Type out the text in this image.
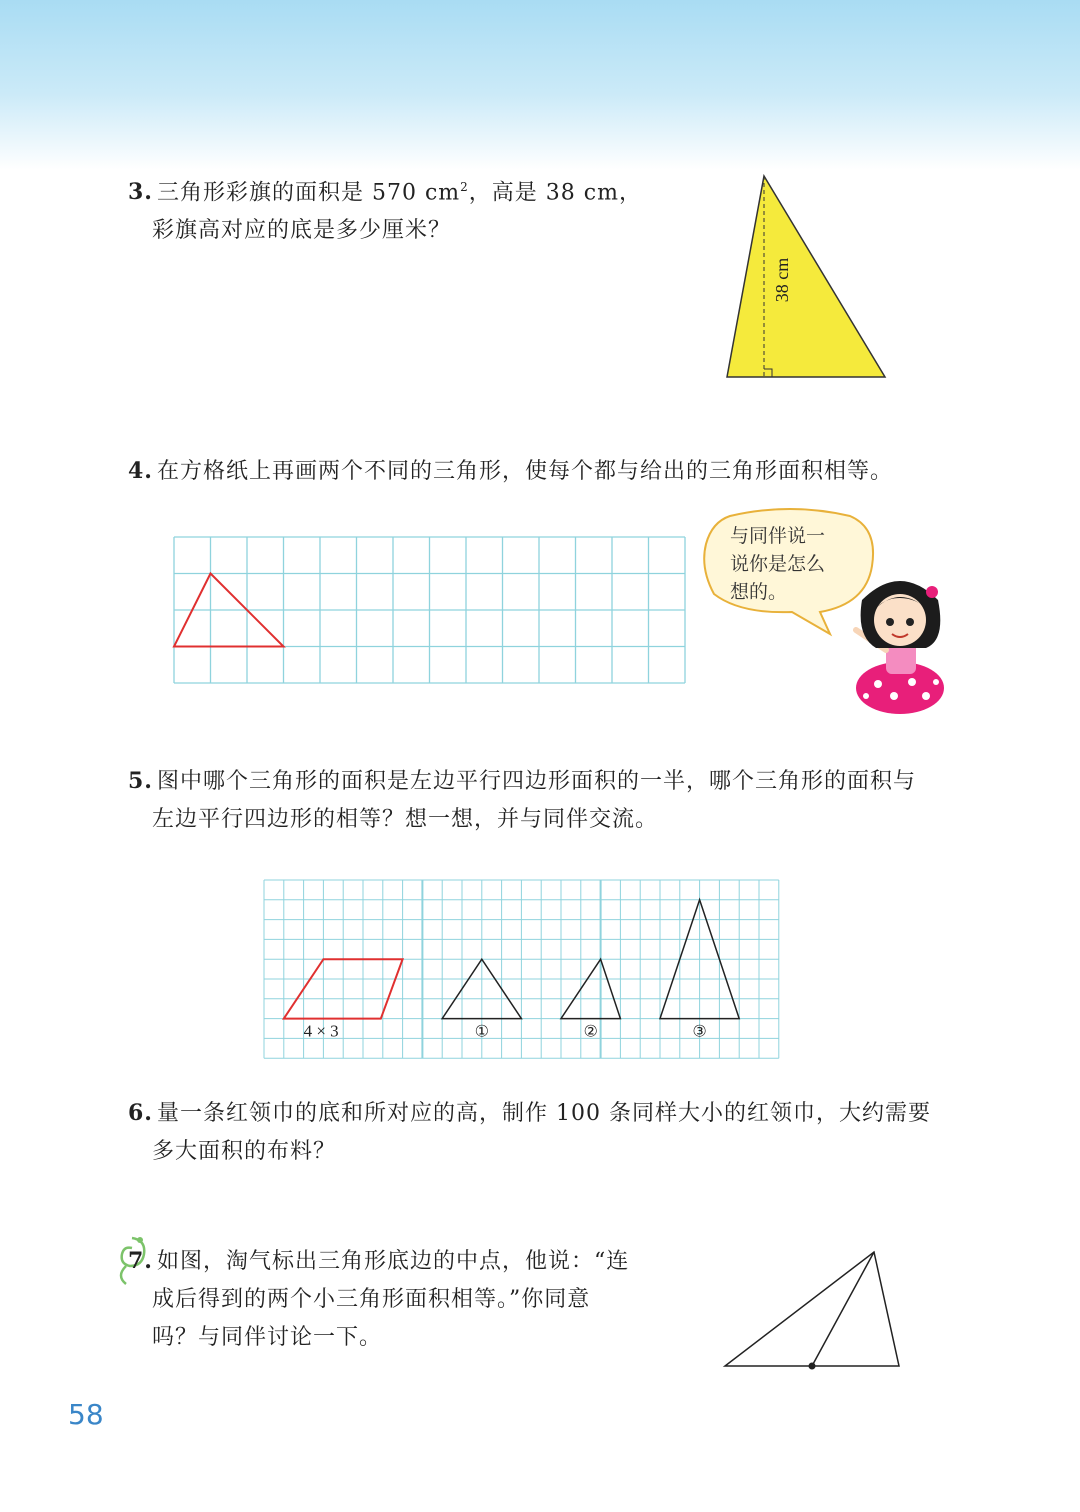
3. 三角形彩旗的面积是 570 $cm^2$，高是 38 cm，
彩旗高对应的底是多少厘米？
38 cm
4. 在方格纸上再画两个不同的三角形，使每个都与给出的三角形面积相等。
与同伴说一
说你是怎么
想的。
5. 图中哪个三角形的面积是左边平行四边形面积的一半，哪个三角形的面积与
左边平行四边形的相等？想一想，并与同伴交流。
4 × 3	①	②	③
6. 量一条红领巾的底和所对应的高，制作 100 条同样大小的红领巾，大约需要
多大面积的布料？
7. 如图，淘气标出三角形底边的中点，他说：“连
成后得到的两个小三角形面积相等。”你同意
吗？与同伴讨论一下。
58
